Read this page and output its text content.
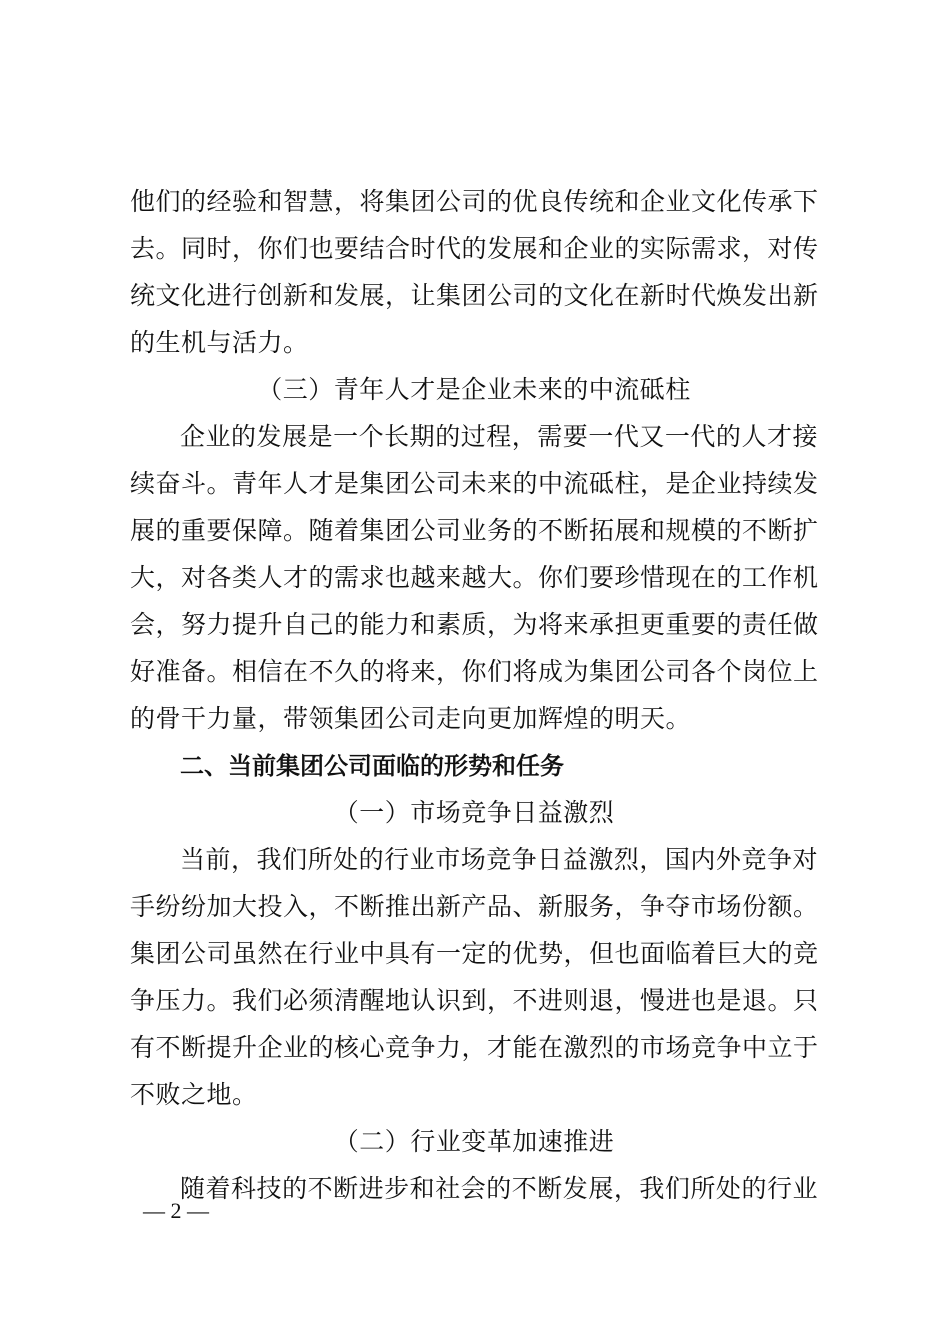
他们的经验和智慧，将集团公司的优良传统和企业文化传承下
去。同时，你们也要结合时代的发展和企业的实际需求，对传
统文化进行创新和发展，让集团公司的文化在新时代焕发出新
的生机与活力。
（三）青年人才是企业未来的中流砥柱
企业的发展是一个长期的过程，需要一代又一代的人才接
续奋斗。青年人才是集团公司未来的中流砥柱，是企业持续发
展的重要保障。随着集团公司业务的不断拓展和规模的不断扩
大，对各类人才的需求也越来越大。你们要珍惜现在的工作机
会，努力提升自己的能力和素质，为将来承担更重要的责任做
好准备。相信在不久的将来，你们将成为集团公司各个岗位上
的骨干力量，带领集团公司走向更加辉煌的明天。
二、当前集团公司面临的形势和任务
（一）市场竞争日益激烈
当前，我们所处的行业市场竞争日益激烈，国内外竞争对
手纷纷加大投入，不断推出新产品、新服务，争夺市场份额。
集团公司虽然在行业中具有一定的优势，但也面临着巨大的竞
争压力。我们必须清醒地认识到，不进则退，慢进也是退。只
有不断提升企业的核心竞争力，才能在激烈的市场竞争中立于
不败之地。
（二）行业变革加速推进
随着科技的不断进步和社会的不断发展，我们所处的行业
— 2 —
